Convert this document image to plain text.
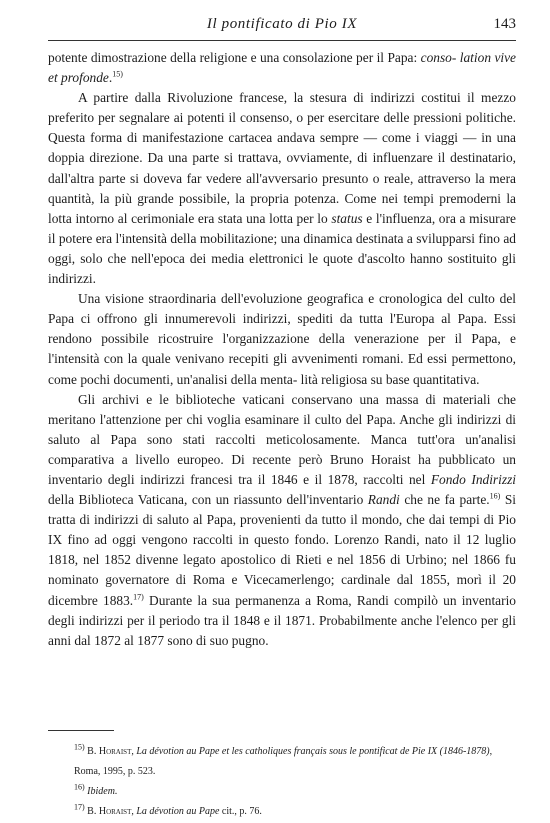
Il pontificato di Pio IX	143

potente dimostrazione della religione e una consolazione per il Papa: conso- lation vive et profonde.$^{15)}$

A partire dalla Rivoluzione francese, la stesura di indirizzi costitui il mezzo preferito per segnalare ai potenti il consenso, o per esercitare delle pressioni politiche. Questa forma di manifestazione cartacea andava sempre — come i viaggi — in una doppia direzione. Da una parte si trattava, ovviamente, di influenzare il destinatario, dall'altra parte si doveva far vedere all'avversario presunto o reale, attraverso la mera quantità, la più grande possibile, la propria potenza. Come nei tempi premoderni la lotta intorno al cerimoniale era stata una lotta per lo status e l'influenza, ora a misurare il potere era l'intensità della mobilitazione; una dinamica destinata a svilupparsi fino ad oggi, solo che nell'epoca dei media elettronici le quote d'ascolto hanno sostituito gli indirizzi.

Una visione straordinaria dell'evoluzione geografica e cronologica del culto del Papa ci offrono gli innumerevoli indirizzi, spediti da tutta l'Europa al Papa. Essi rendono possibile ricostruire l'organizzazione della venerazione per il Papa, e l'intensità con la quale venivano recepiti gli avvenimenti romani. Ed essi permettono, come pochi documenti, un'analisi della menta- lità religiosa su base quantitativa.

Gli archivi e le biblioteche vaticani conservano una massa di materiali che meritano l'attenzione per chi voglia esaminare il culto del Papa. Anche gli indirizzi di saluto al Papa sono stati raccolti meticolosamente. Manca tutt'ora un'analisi comparativa a livello europeo. Di recente però Bruno Horaist ha pubblicato un inventario degli indirizzi francesi tra il 1846 e il 1878, raccolti nel Fondo Indirizzi della Biblioteca Vaticana, con un riassunto dell'inventario Randi che ne fa parte.$^{16)}$ Si tratta di indirizzi di saluto al Papa, provenienti da tutto il mondo, che dai tempi di Pio IX fino ad oggi vengono raccolti in questo fondo. Lorenzo Randi, nato il 12 luglio 1818, nel 1852 divenne legato apostolico di Rieti e nel 1856 di Urbino; nel 1866 fu nominato governatore di Roma e Vicecamerlengo; cardinale dal 1855, morì il 20 dicembre 1883.$^{17)}$ Durante la sua permanenza a Roma, Randi compilò un inventario degli indirizzi per il periodo tra il 1848 e il 1871. Probabilmente anche l'elenco per gli anni dal 1872 al 1877 sono di suo pugno.

$^{15)}$ B. Horaist, La dévotion au Pape et les catholiques français sous le pontificat de Pie IX (1846-1878), Roma, 1995, p. 523.
$^{16)}$ Ibidem.
$^{17)}$ B. Horaist, La dévotion au Pape cit., p. 76.
